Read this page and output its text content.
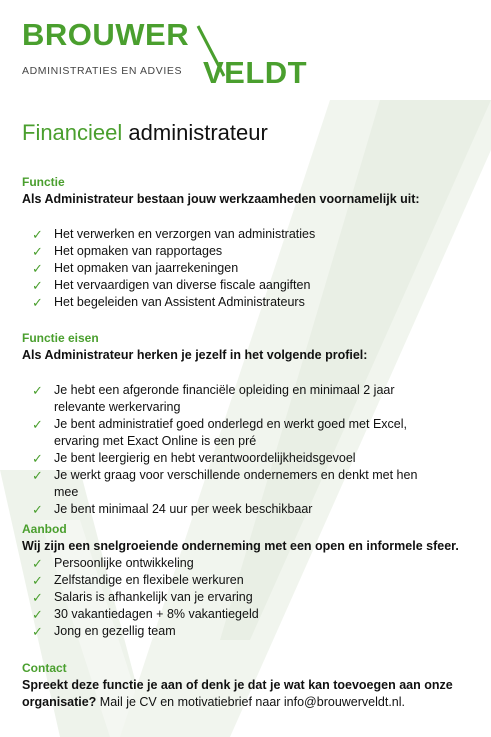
BROUWER
VELDT
ADMINISTRATIES EN ADVIES
Financieel administrateur
Functie
Als Administrateur bestaan jouw werkzaamheden voornamelijk uit:
✓ Het verwerken en verzorgen van administraties
✓ Het opmaken van rapportages
✓ Het opmaken van jaarrekeningen
✓ Het vervaardigen van diverse fiscale aangiften
✓ Het begeleiden van Assistent Administrateurs
Functie eisen
Als Administrateur herken je jezelf in het volgende profiel:
✓ Je hebt een afgeronde financiële opleiding en minimaal 2 jaar relevante werkervaring
✓ Je bent administratief goed onderlegd en werkt goed met Excel, ervaring met Exact Online is een pré
✓ Je bent leergierig en hebt verantwoordelijkheidsgevoel
✓ Je werkt graag voor verschillende ondernemers en denkt met hen mee
✓ Je bent minimaal 24 uur per week beschikbaar
Aanbod
Wij zijn een snelgroeiende onderneming met een open en informele sfeer.
✓ Persoonlijke ontwikkeling
✓ Zelfstandige en flexibele werkuren
✓ Salaris is afhankelijk van je ervaring
✓ 30 vakantiedagen + 8% vakantiegeld
✓ Jong en gezellig team
Contact
Spreekt deze functie je aan of denk je dat je wat kan toevoegen aan onze organisatie? Mail je CV en motivatiebrief naar info@brouwerveldt.nl.
